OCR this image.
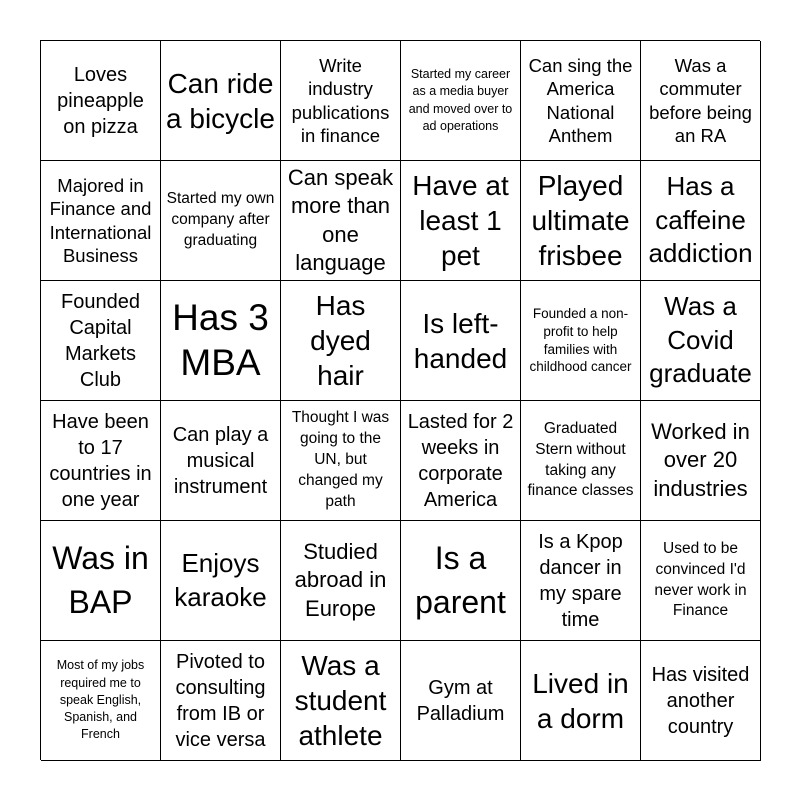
Loves pineapple on pizza
Can ride a bicycle
Write industry publications in finance
Started my career as a media buyer and moved over to ad operations
Can sing the America National Anthem
Was a commuter before being an RA
Majored in Finance and International Business
Started my own company after graduating
Can speak more than one language
Have at least 1 pet
Played ultimate frisbee
Has a caffeine addiction
Founded Capital Markets Club
Has 3 MBA
Has dyed hair
Is left-handed
Founded a non-profit to help families with childhood cancer
Was a Covid graduate
Have been to 17 countries in one year
Can play a musical instrument
Thought I was going to the UN, but changed my path
Lasted for 2 weeks in corporate America
Graduated Stern without taking any finance classes
Worked in over 20 industries
Was in BAP
Enjoys karaoke
Studied abroad in Europe
Is a parent
Is a Kpop dancer in my spare time
Used to be convinced I'd never work in Finance
Most of my jobs required me to speak English, Spanish, and French
Pivoted to consulting from IB or vice versa
Was a student athlete
Gym at Palladium
Lived in a dorm
Has visited another country
